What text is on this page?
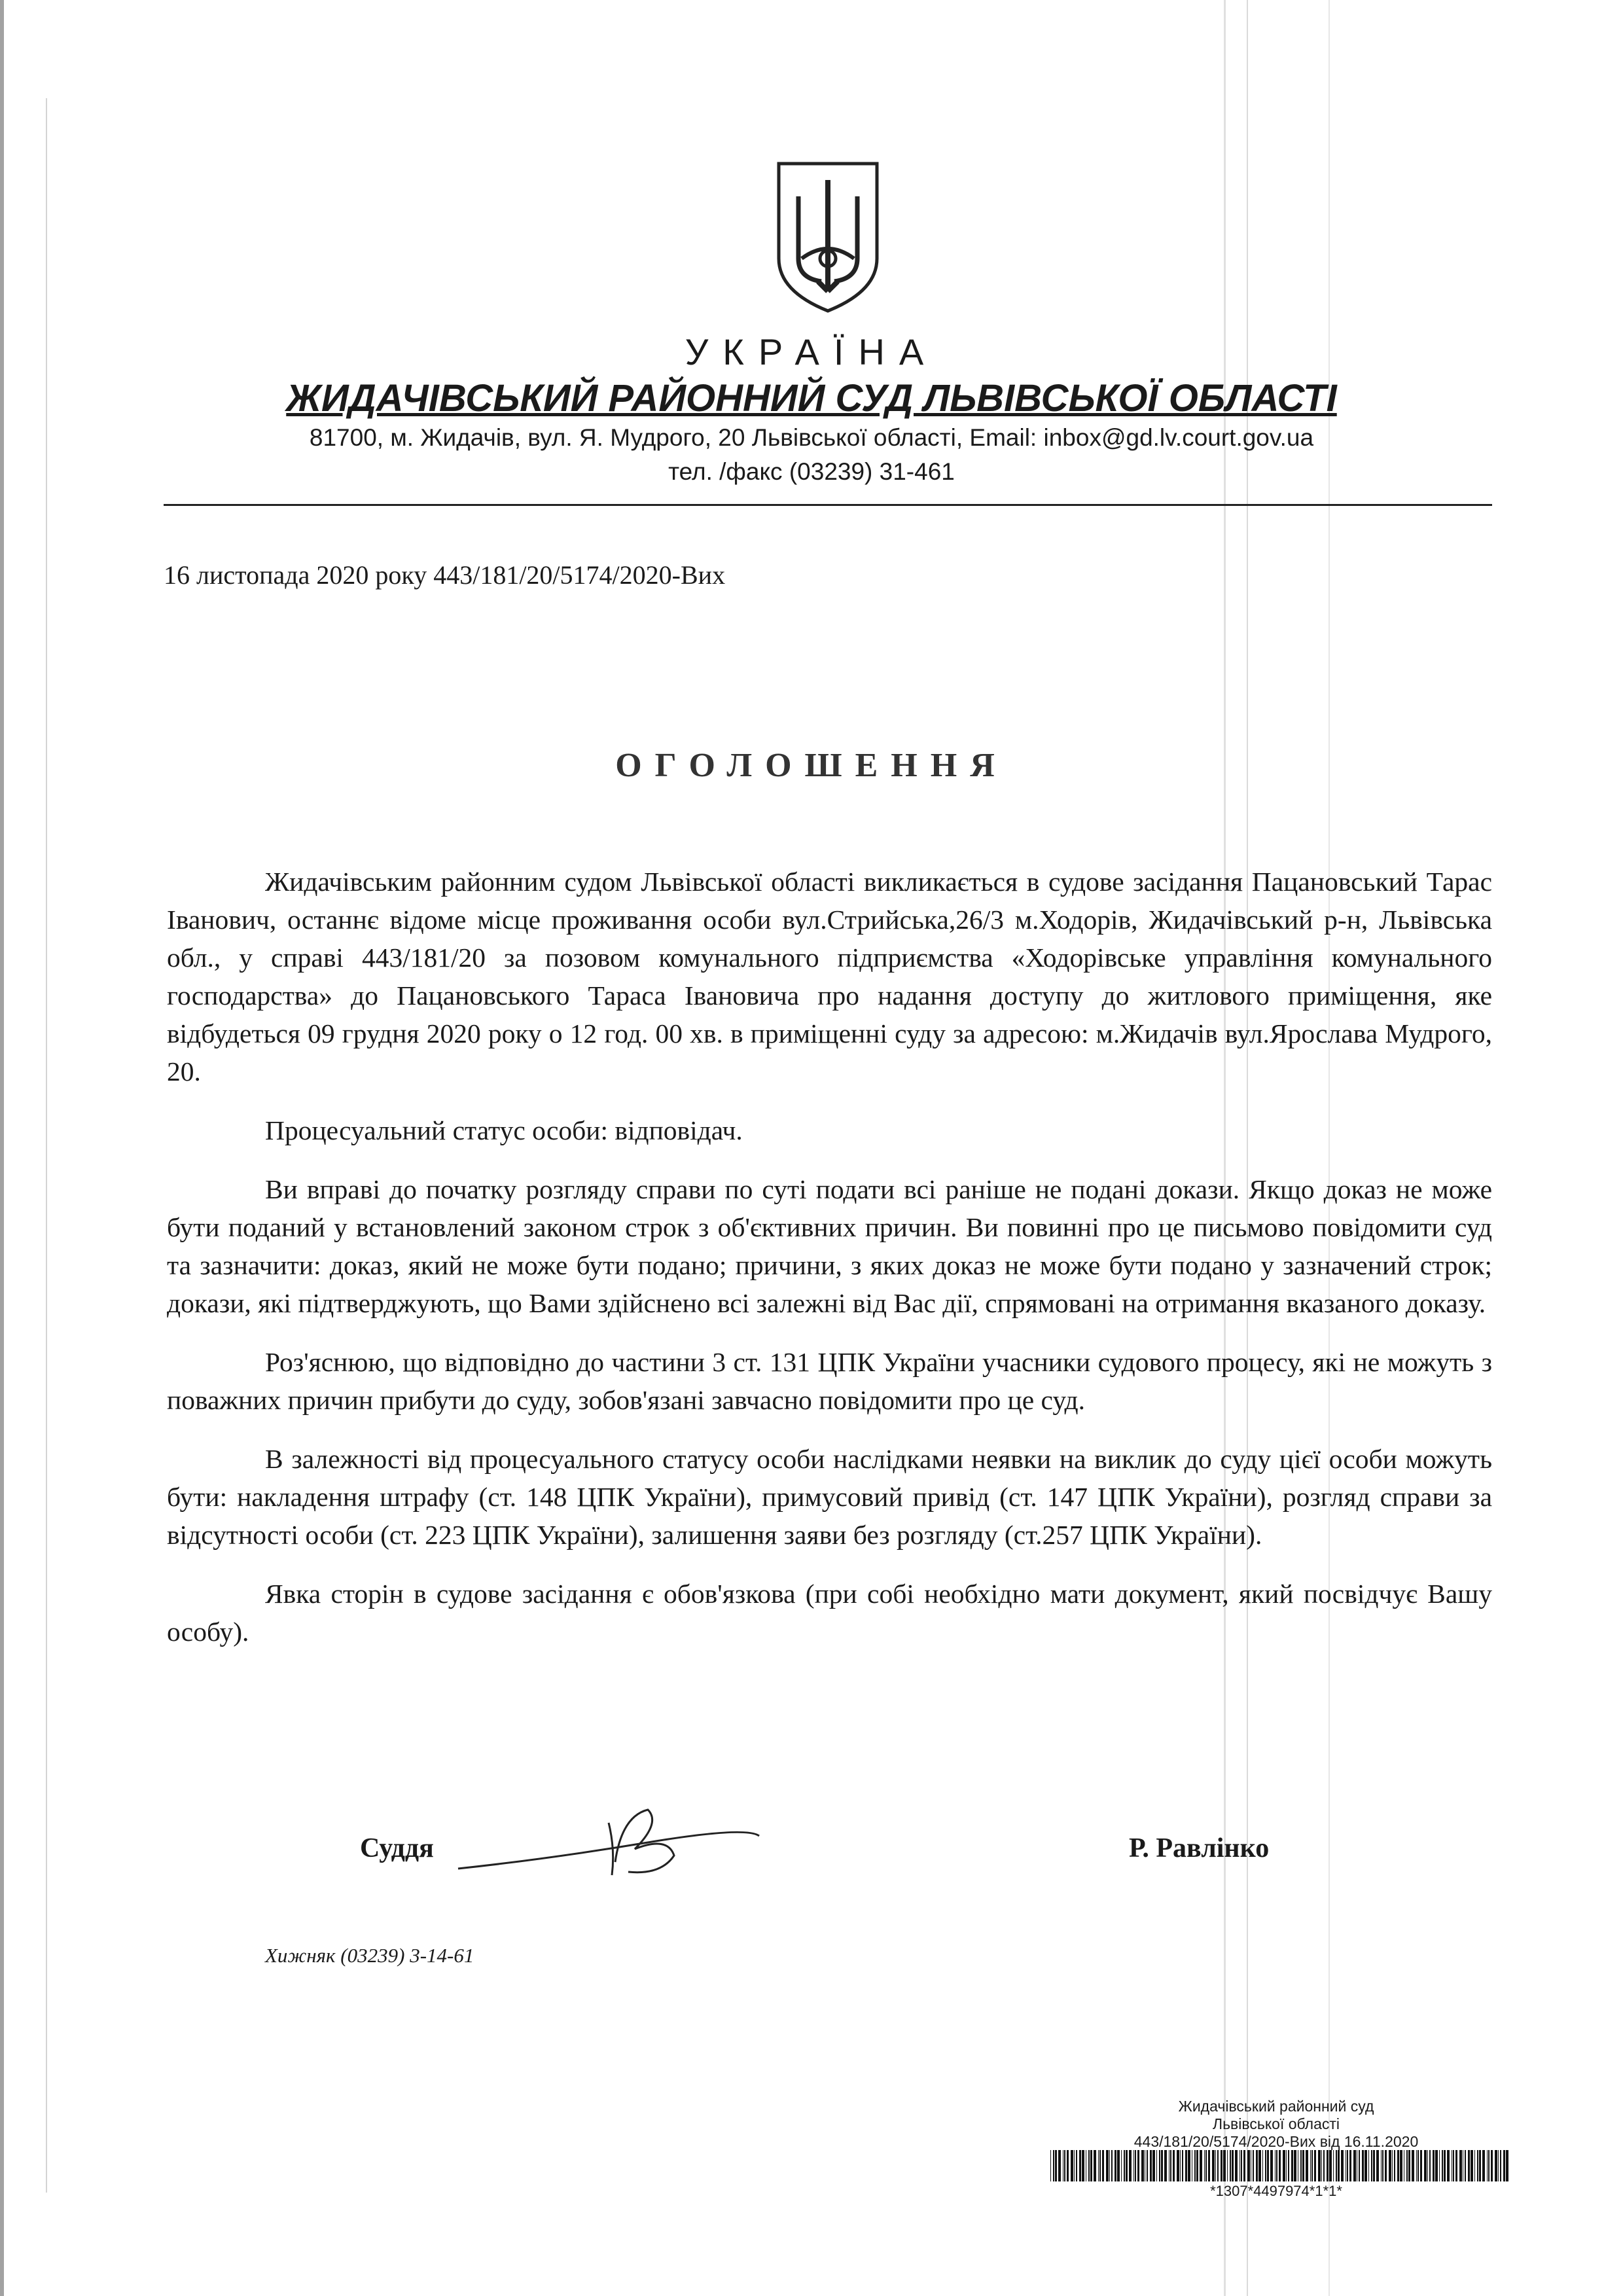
УКРАЇНА
ЖИДАЧІВСЬКИЙ РАЙОННИЙ СУД ЛЬВІВСЬКОЇ ОБЛАСТІ
81700, м. Жидачів, вул. Я. Мудрого, 20 Львівської області, Email: inbox@gd.lv.court.gov.ua
тел. /факс (03239) 31-461
16 листопада 2020 року 443/181/20/5174/2020-Вих
ОГОЛОШЕННЯ

Жидачівським районним судом Львівської області викликається в судове засідання Пацановський Тарас Іванович, останнє відоме місце проживання особи вул.Стрийська,26/3 м.Ходорів, Жидачівський р-н, Львівська обл., у справі 443/181/20 за позовом комунального підприємства «Ходорівське управління комунального господарства» до Пацановського Тараса Івановича про надання доступу до житлового приміщення, яке відбудеться 09 грудня 2020 року о 12 год. 00 хв. в приміщенні суду за адресою: м.Жидачів вул.Ярослава Мудрого, 20.

Процесуальний статус особи: відповідач.

Ви вправі до початку розгляду справи по суті подати всі раніше не подані докази. Якщо доказ не може бути поданий у встановлений законом строк з об'єктивних причин. Ви повинні про це письмово повідомити суд та зазначити: доказ, який не може бути подано; причини, з яких доказ не може бути подано у зазначений строк; докази, які підтверджують, що Вами здійснено всі залежні від Вас дії, спрямовані на отримання вказаного доказу.

Роз'яснюю, що відповідно до частини 3 ст. 131 ЦПК України учасники судового процесу, які не можуть з поважних причин прибути до суду, зобов'язані завчасно повідомити про це суд.

В залежності від процесуального статусу особи наслідками неявки на виклик до суду цієї особи можуть бути: накладення штрафу (ст. 148 ЦПК України), примусовий привід (ст. 147 ЦПК України), розгляд справи за відсутності особи (ст. 223 ЦПК України), залишення заяви без розгляду (ст.257 ЦПК України).

Явка сторін в судове засідання є обов'язкова (при собі необхідно мати документ, який посвідчує Вашу особу).

Суддя	Р. Равлінко
Хижняк (03239) 3-14-61
Жидачівський районний суд
Львівської області
443/181/20/5174/2020-Вих від 16.11.2020
*1307*4497974*1*1*
